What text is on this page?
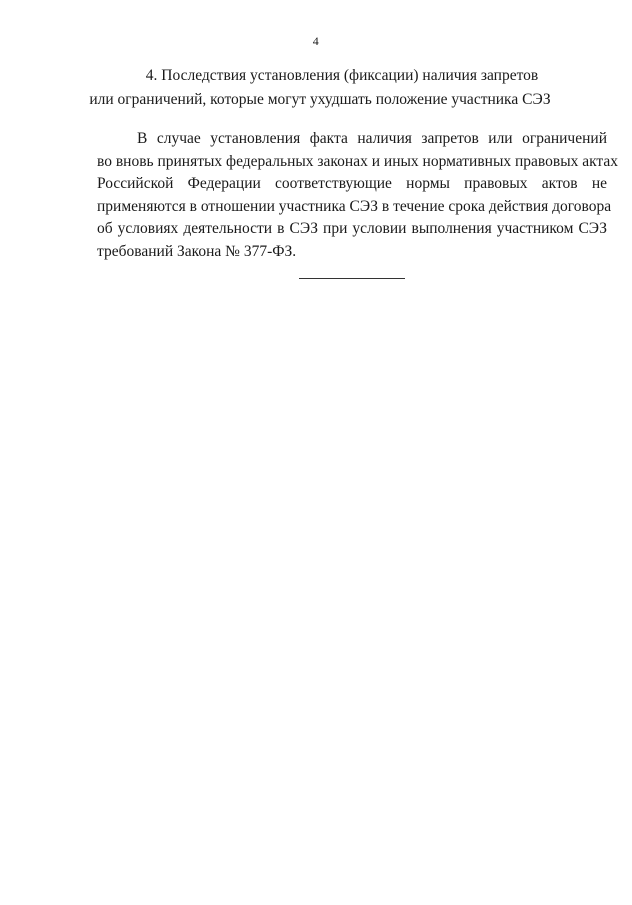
4
4. Последствия установления (фиксации) наличия запретов
или ограничений, которые могут ухудшать положение участника СЭЗ
В случае установления факта наличия запретов или ограничений
во вновь принятых федеральных законах и иных нормативных правовых актах
Российской Федерации соответствующие нормы правовых актов не
применяются в отношении участника СЭЗ в течение срока действия договора
об условиях деятельности в СЭЗ при условии выполнения участником СЭЗ
требований Закона № 377-ФЗ.
